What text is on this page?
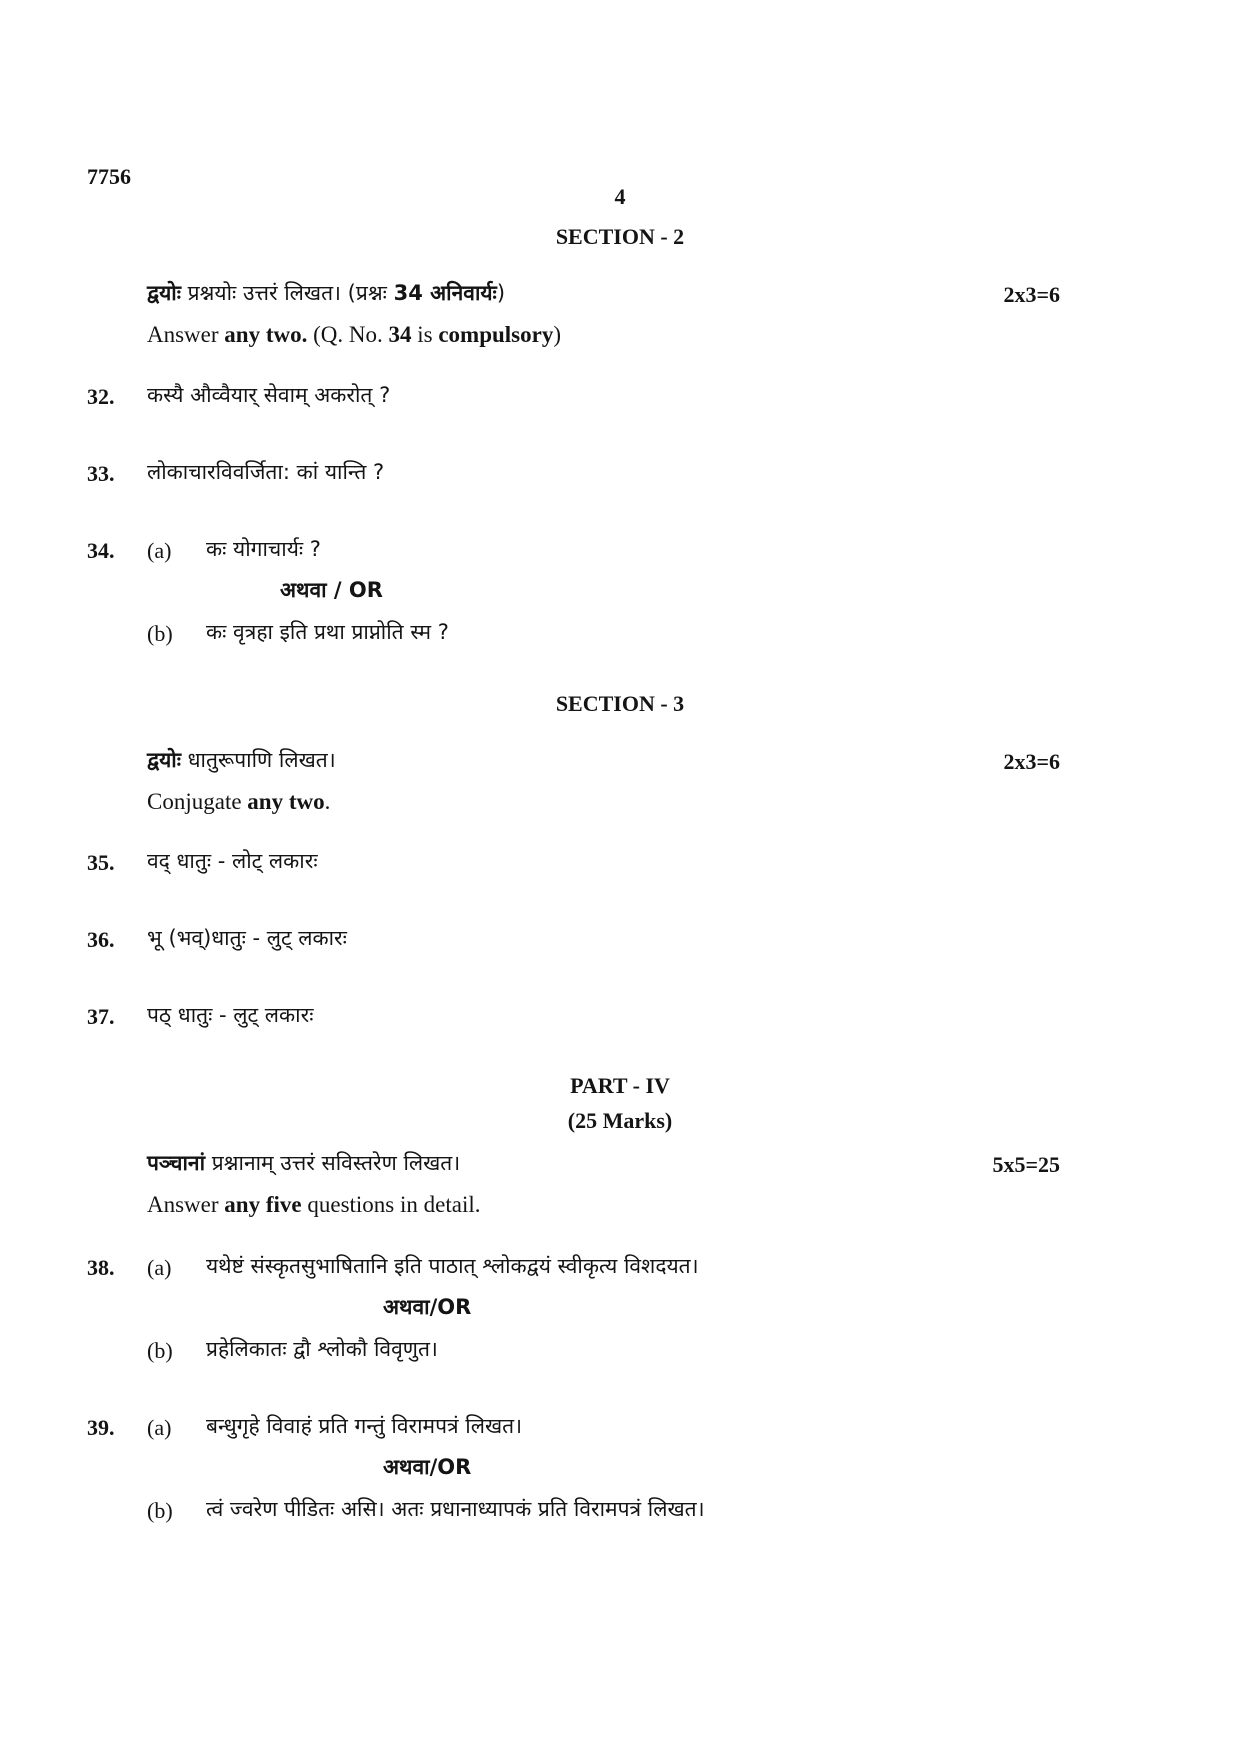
7756
4
SECTION - 2
द्वयोः प्रश्नयोः उत्तरं लिखत। (प्रश्नः 34 अनिवार्यः)	2x3=6
Answer any two. (Q. No. 34 is compulsory)
32. कस्यै औव्वैयार् सेवाम् अकरोत् ?
33. लोकाचारविवर्जिता: कां यान्ति ?
34. (a) कः योगाचार्यः ?
अथवा / OR
(b) कः वृत्रहा इति प्रथा प्राप्नोति स्म ?
SECTION - 3
द्वयोः धातुरूपाणि लिखत।	2x3=6
Conjugate any two.
35. वद् धातुः - लोट् लकारः
36. भू (भव्)धातुः - लुट् लकारः
37. पठ् धातुः - लुट् लकारः
PART - IV
(25 Marks)
पञ्चानां प्रश्नानाम् उत्तरं सविस्तरेण लिखत।	5x5=25
Answer any five questions in detail.
38. (a) यथेष्टं संस्कृतसुभाषितानि इति पाठात् श्लोकद्वयं स्वीकृत्य विशदयत।
अथवा/OR
(b) प्रहेलिकातः द्वौ श्लोकौ विवृणुत।
39. (a) बन्धुगृहे विवाहं प्रति गन्तुं विरामपत्रं लिखत।
अथवा/OR
(b) त्वं ज्वरेण पीडितः असि। अतः प्रधानाध्यापकं प्रति विरामपत्रं लिखत।
